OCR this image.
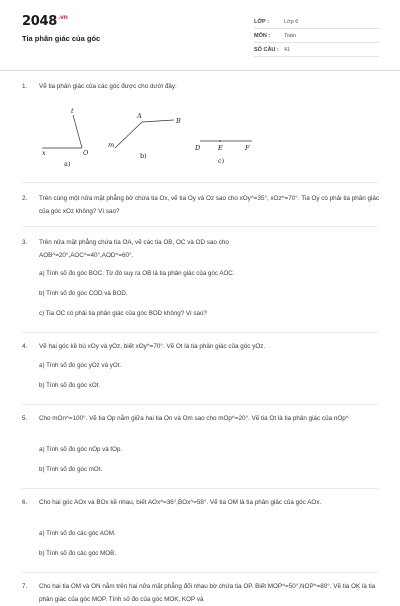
$2048^{.vn}$
Tia phân giác của góc
LỚP :	Lớp 6
MÔN :	Toán
SỐ CÂU : 41
1. Vẽ tia phân giác của các góc được cho dưới đây:
t
x	O
a)
A
B
m
b)
D	E	F
c)
2. Trên cùng một nửa mặt phẳng bờ chứa tia Ox, vẽ tia Oy và Oz sao cho xOy^=35°, xOz^=70°. Tia Oy có phải tia phân giác của góc xOz không? Vì sao?
3. Trên nửa mặt phẳng chứa tia OA, vẽ các tia OB, OC và OD sao cho AOB^=20°,AOC^=40°,AOD^=60°.
a) Tính số đo góc BOC. Từ đó suy ra OB là tia phân giác của góc AOC.
b) Tính số đo góc COD và BOD.
c) Tia OC có phải tia phân giác của góc BOD không? Vì sao?
4. Vẽ hai góc kề bù xOy và yOz, biết xOy^=70°. Vẽ Ot là tia phân giác của góc yOz.
a) Tính số đo góc yOz và yOt.
b) Tính số đo góc xOt.
5. Cho mOn^=100°. Vẽ tia Op nằm giữa hai tia On và Om sao cho mOp^=20°. Vẽ tia Ot là tia phân giác của nOp^
a) Tính số đo góc nOp và tOp.
b) Tính số đo góc mOt.
6. Cho hai góc AOx và BOx kề nhau, biết AOx^=36°,BOx^=58°. Vẽ tia OM là tia phân giác của góc AOx.
a) Tính số đo các góc AOM.
b) Tính số đo các góc MOB.
7. Cho hai tia OM và ON nằm trên hai nửa mặt phẳng đối nhau bờ chứa tia OP. Biết MOP^=50°,NOP^=80°. Vẽ tia OK là tia phân giác của góc MOP. Tính số đo của góc MOK, KOP và
